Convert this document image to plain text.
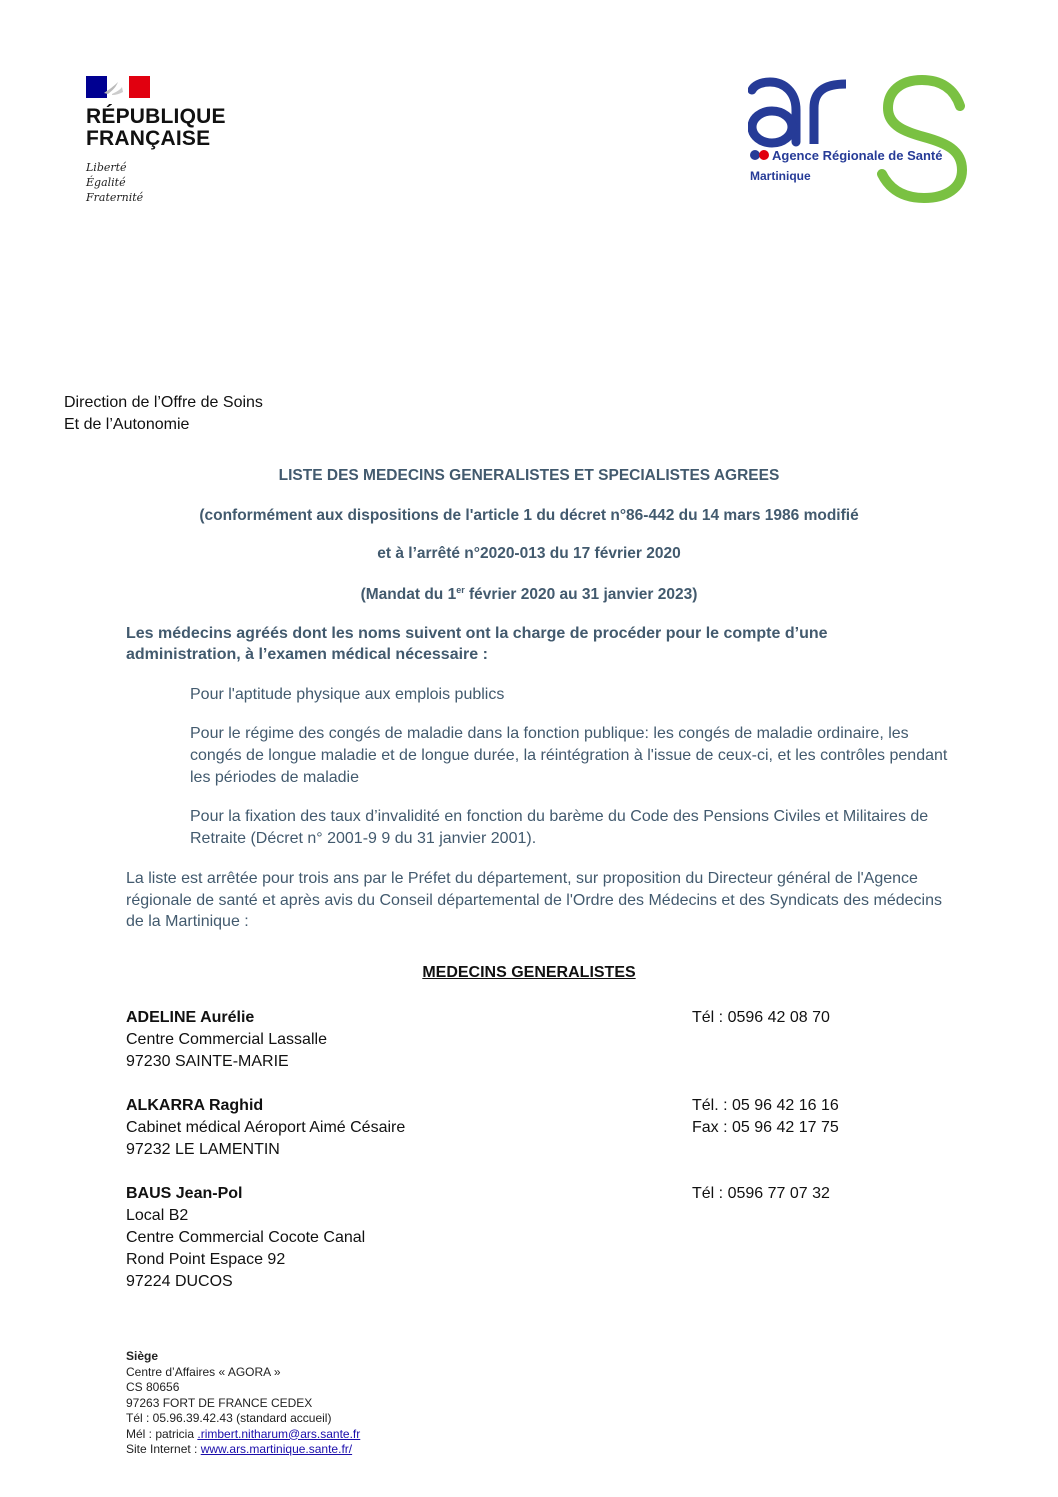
RÉPUBLIQUE
FRANÇAISE
Liberté
Égalité
Fraternité
Agence Régionale de Santé
Martinique
Direction de l’Offre de Soins
Et de l’Autonomie
LISTE DES MEDECINS GENERALISTES ET SPECIALISTES AGREES
(conformément aux dispositions de l'article 1 du décret n°86-442 du 14 mars 1986 modifié
et à l’arrêté n°2020-013 du 17 février 2020
(Mandat du 1er février 2020 au 31 janvier 2023)
Les médecins agréés dont les noms suivent ont la charge de procéder pour le compte d’une administration, à l’examen médical nécessaire :
Pour l'aptitude physique aux emplois publics
Pour le régime des congés de maladie dans la fonction publique: les congés de maladie ordinaire, les congés de longue maladie et de longue durée, la réintégration à l'issue de ceux-ci, et les contrôles pendant les périodes de maladie
Pour la fixation des taux d’invalidité en fonction du barème du Code des Pensions Civiles et Militaires de Retraite (Décret n° 2001-9 9 du 31 janvier 2001).
La liste est arrêtée pour trois ans par le Préfet du département, sur proposition du Directeur général de l'Agence régionale de santé et après avis du Conseil départemental de l'Ordre des Médecins et des Syndicats des médecins de la Martinique :
MEDECINS GENERALISTES
ADELINE Aurélie
Centre Commercial Lassalle
97230 SAINTE-MARIE
Tél : 0596 42 08 70
ALKARRA Raghid
Cabinet médical Aéroport Aimé Césaire
97232 LE LAMENTIN
Tél. : 05 96 42 16 16
Fax : 05 96 42 17 75
BAUS Jean-Pol
Local B2
Centre Commercial Cocote Canal
Rond Point Espace 92
97224 DUCOS
Tél : 0596 77 07 32
Siège
Centre d’Affaires « AGORA »
CS 80656
97263 FORT DE FRANCE CEDEX
Tél : 05.96.39.42.43 (standard accueil)
Mél : patricia .rimbert.nitharum@ars.sante.fr
Site Internet : www.ars.martinique.sante.fr/
